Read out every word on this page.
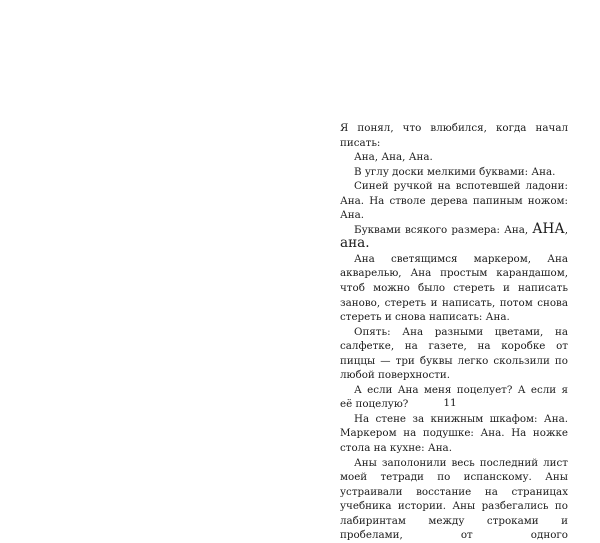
Я понял, что влюбился, когда начал писать:

Ана, Ана, Ана.

В углу доски мелкими буквами: Ана.

Синей ручкой на вспотевшей ладони: Ана. На стволе дерева папиным ножом: Ана.

Буквами всякого размера: Ана, АНА, ана.

Ана светящимся маркером, Ана акварелью, Ана простым карандашом, чтоб можно было стереть и написать заново, стереть и написать, потом снова стереть и снова написать: Ана.

Опять: Ана разными цветами, на салфетке, на газете, на коробке от пиццы — три буквы легко скользили по любой поверхности.

А если Ана меня поцелует? А если я её поцелую?

На стене за книжным шкафом: Ана. Маркером на подушке: Ана. На ножке стола на кухне: Ана.

Аны заполонили весь последний лист моей тетради по испанскому. Аны устраивали восстание на страницах учебника истории. Аны разбегались по лабиринтам между строками и пробелами, от одного

11
